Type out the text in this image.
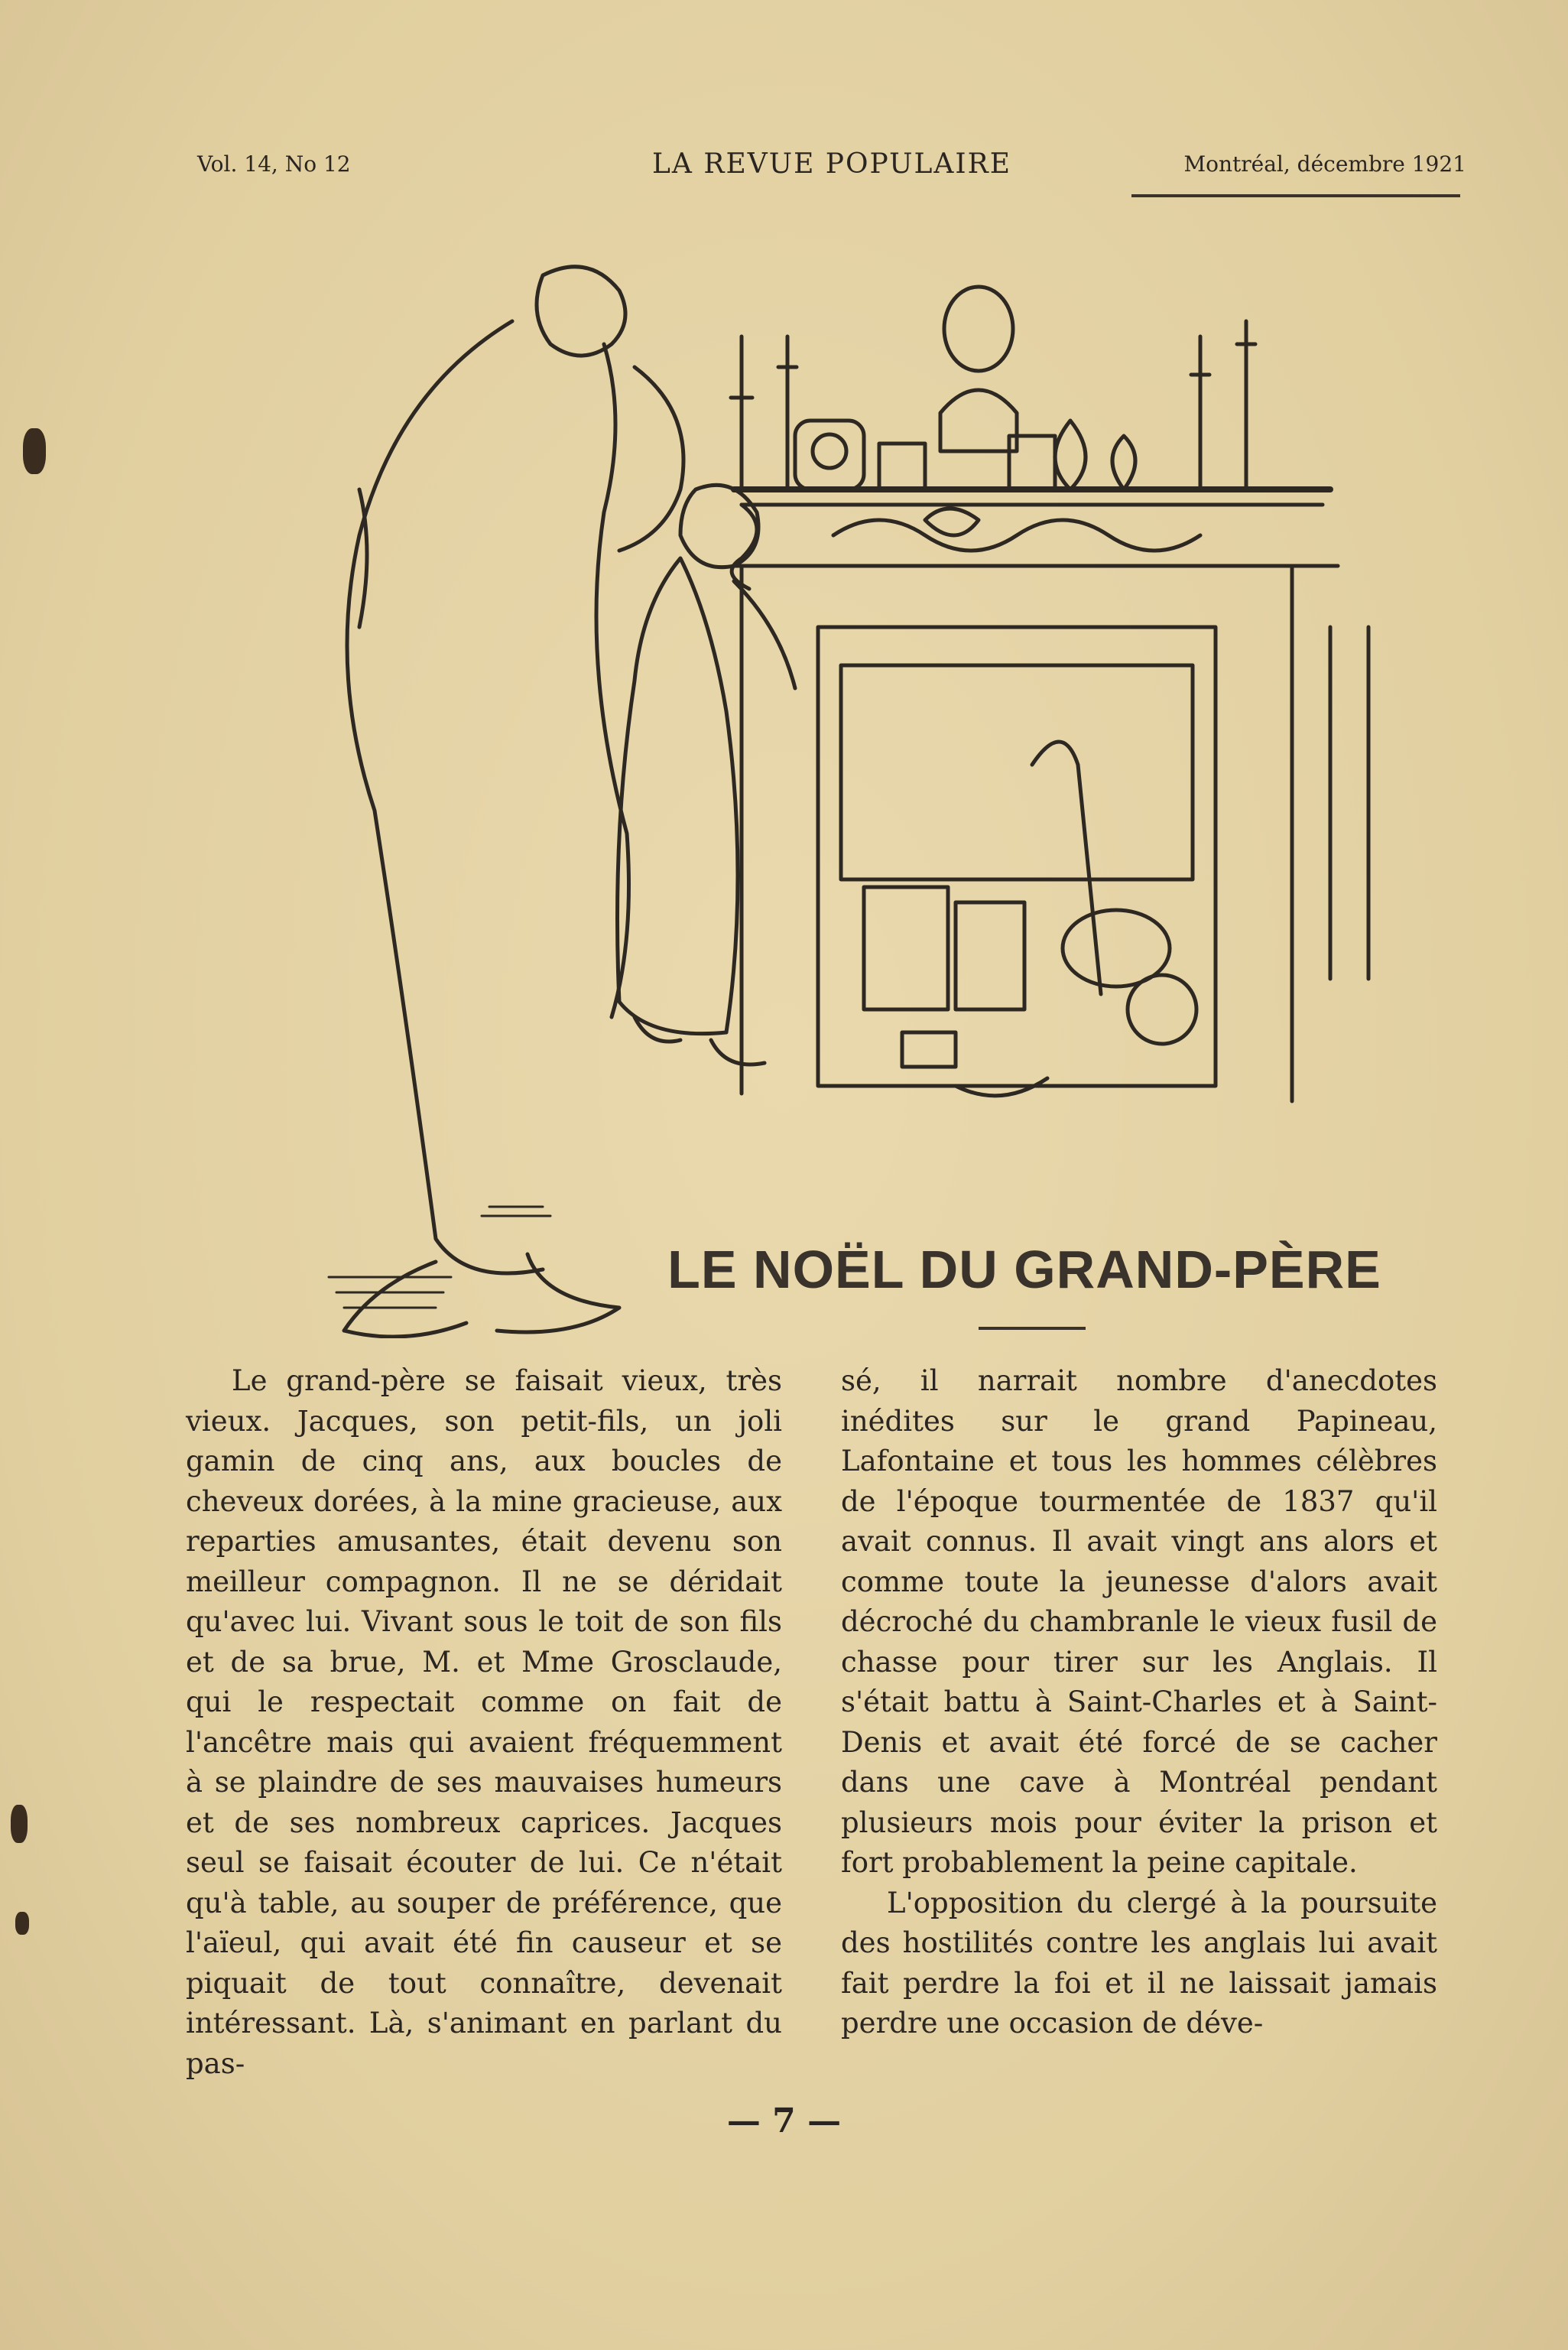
Vol. 14, No 12	LA REVUE POPULAIRE	Montréal, décembre 1921
LE NOËL DU GRAND-PÈRE

Le grand-père se faisait vieux, très vieux. Jacques, son petit-fils, un joli gamin de cinq ans, aux boucles de cheveux dorées, à la mine gracieuse, aux reparties amusantes, était devenu son meilleur compagnon. Il ne se déridait qu'avec lui. Vivant sous le toit de son fils et de sa brue, M. et Mme Grosclaude, qui le respectait comme on fait de l'ancêtre mais qui avaient fréquemment à se plaindre de ses mauvaises humeurs et de ses nombreux caprices. Jacques seul se faisait écouter de lui. Ce n'était qu'à table, au souper de préférence, que l'aïeul, qui avait été fin causeur et se piquait de tout connaître, devenait intéressant. Là, s'animant en parlant du pas-

sé, il narrait nombre d'anecdotes inédites sur le grand Papineau, Lafontaine et tous les hommes célèbres de l'époque tourmentée de 1837 qu'il avait connus. Il avait vingt ans alors et comme toute la jeunesse d'alors avait décroché du chambranle le vieux fusil de chasse pour tirer sur les Anglais. Il s'était battu à Saint-Charles et à Saint-Denis et avait été forcé de se cacher dans une cave à Montréal pendant plusieurs mois pour éviter la prison et fort probablement la peine capitale.

L'opposition du clergé à la poursuite des hostilités contre les anglais lui avait fait perdre la foi et il ne laissait jamais perdre une occasion de déve-

— 7 —
